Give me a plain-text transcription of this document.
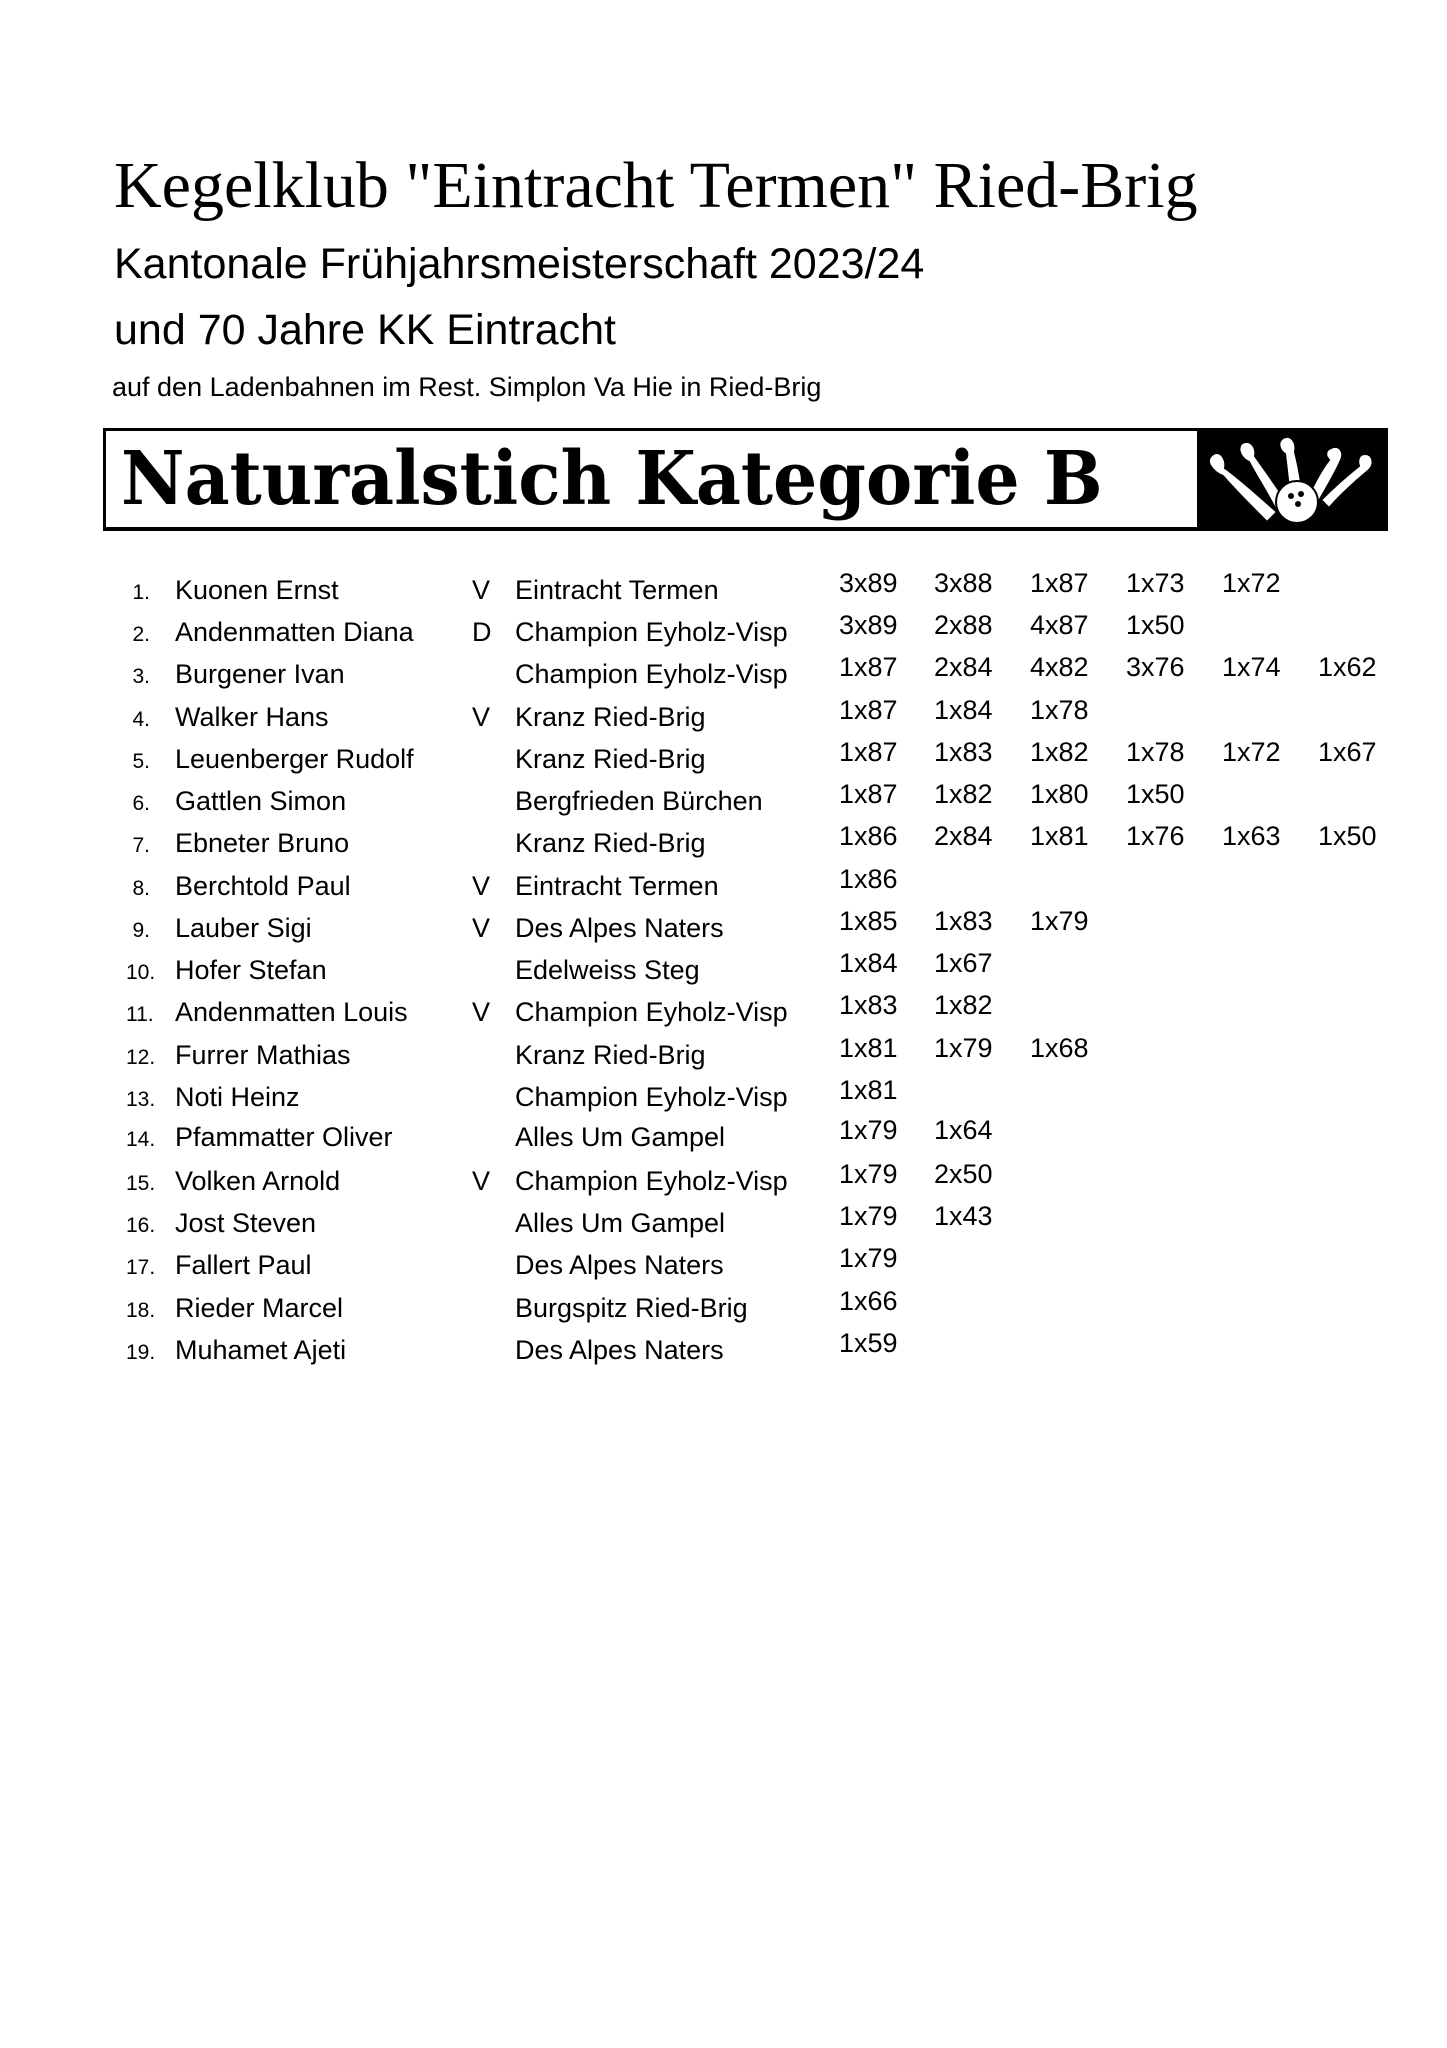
Kegelklub "Eintracht Termen" Ried-Brig
Kantonale Frühjahrsmeisterschaft 2023/24
und 70 Jahre KK Eintracht
auf den Ladenbahnen im Rest. Simplon Va Hie in Ried-Brig
Naturalstich Kategorie B
1. Kuonen Ernst	V Eintracht Termen	3x89 3x88 1x87 1x73 1x72
2. Andenmatten Diana D Champion Eyholz-Visp 3x89 2x88 4x87 1x50
3. Burgener Ivan	Champion Eyholz-Visp 1x87 2x84 4x82 3x76 1x74 1x62
4. Walker Hans	V Kranz Ried-Brig	1x87 1x84 1x78
5. Leuenberger Rudolf	Kranz Ried-Brig	1x87 1x83 1x82 1x78 1x72 1x67
6. Gattlen Simon	Bergfrieden Bürchen	1x87 1x82 1x80 1x50
7. Ebneter Bruno	Kranz Ried-Brig	1x86 2x84 1x81 1x76 1x63 1x50
8. Berchtold Paul	V Eintracht Termen	1x86
9. Lauber Sigi	V Des Alpes Naters	1x85 1x83 1x79
10. Hofer Stefan	Edelweiss Steg	1x84 1x67
11. Andenmatten Louis V Champion Eyholz-Visp 1x83 1x82
12. Furrer Mathias	Kranz Ried-Brig	1x81 1x79 1x68
13. Noti Heinz	Champion Eyholz-Visp 1x81
14. Pfammatter Oliver	Alles Um Gampel	1x79 1x64
15. Volken Arnold	V Champion Eyholz-Visp 1x79 2x50
16. Jost Steven	Alles Um Gampel	1x79 1x43
17. Fallert Paul	Des Alpes Naters	1x79
18. Rieder Marcel	Burgspitz Ried-Brig	1x66
19. Muhamet Ajeti	Des Alpes Naters	1x59
